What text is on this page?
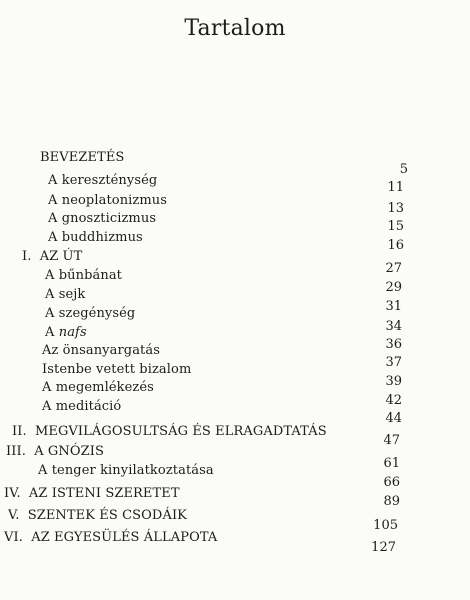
Tartalom
BEVEZETÉS
5
A kereszténység	11
A neoplatonizmus
13
A gnoszticizmus
15
A buddhizmus
16
I. AZ ÚT
27
A bűnbánat
29
A sejk
31
A szegénység
34
A nafs
36
Az önsanyargatás
37
Istenbe vetett bizalom
39
A megemlékezés
42
A meditáció
44
II. MEGVILÁGOSULTSÁG ÉS ELRAGADTATÁS
47
III. A GNÓZIS
61
A tenger kinyilatkoztatása
66
IV. AZ ISTENI SZERETET
89
V. SZENTEK ÉS CSODÁIK
105
VI. AZ EGYESÜLÉS ÁLLAPOTA
127
